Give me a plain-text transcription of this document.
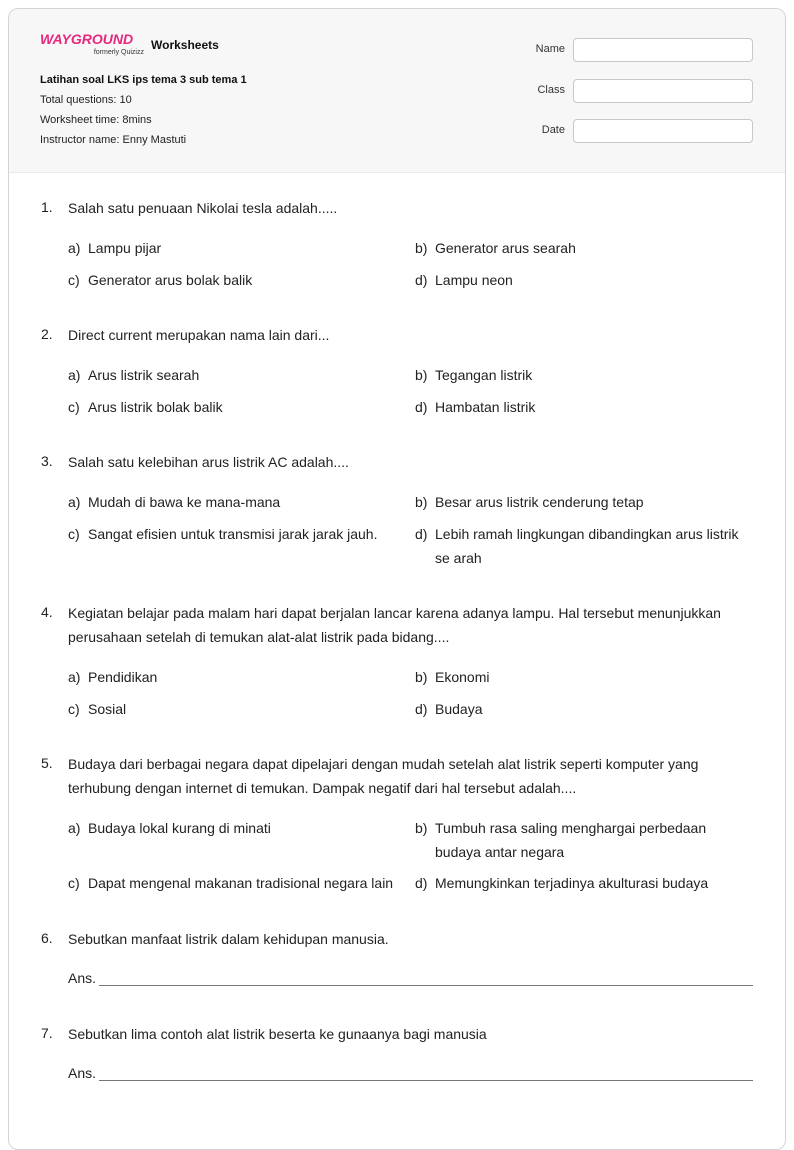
WAYGROUND
formerly Quizizz
Worksheets
Latihan soal LKS ips tema 3 sub tema 1
Total questions: 10
Worksheet time: 8mins
Instructor name: Enny Mastuti
Name
Class
Date
1. Salah satu penuaan Nikolai tesla adalah.....
a) Lampu pijar	b) Generator arus searah
c) Generator arus bolak balik	d) Lampu neon
2. Direct current merupakan nama lain dari...
a) Arus listrik searah	b) Tegangan listrik
c) Arus listrik bolak balik	d) Hambatan listrik
3. Salah satu kelebihan arus listrik AC adalah....
a) Mudah di bawa ke mana-mana	b) Besar arus listrik cenderung tetap
c) Sangat efisien untuk transmisi jarak jarak jauh.	d) Lebih ramah lingkungan dibandingkan arus listrik se arah
4. Kegiatan belajar pada malam hari dapat berjalan lancar karena adanya lampu. Hal tersebut menunjukkan perusahaan setelah di temukan alat-alat listrik pada bidang....
a) Pendidikan	b) Ekonomi
c) Sosial	d) Budaya
5. Budaya dari berbagai negara dapat dipelajari dengan mudah setelah alat listrik seperti komputer yang terhubung dengan internet di temukan. Dampak negatif dari hal tersebut adalah....
a) Budaya lokal kurang di minati	b) Tumbuh rasa saling menghargai perbedaan budaya antar negara
c) Dapat mengenal makanan tradisional negara lain	d) Memungkinkan terjadinya akulturasi budaya
6. Sebutkan manfaat listrik dalam kehidupan manusia.
Ans.
7. Sebutkan lima contoh alat listrik beserta ke gunaanya bagi manusia
Ans.
